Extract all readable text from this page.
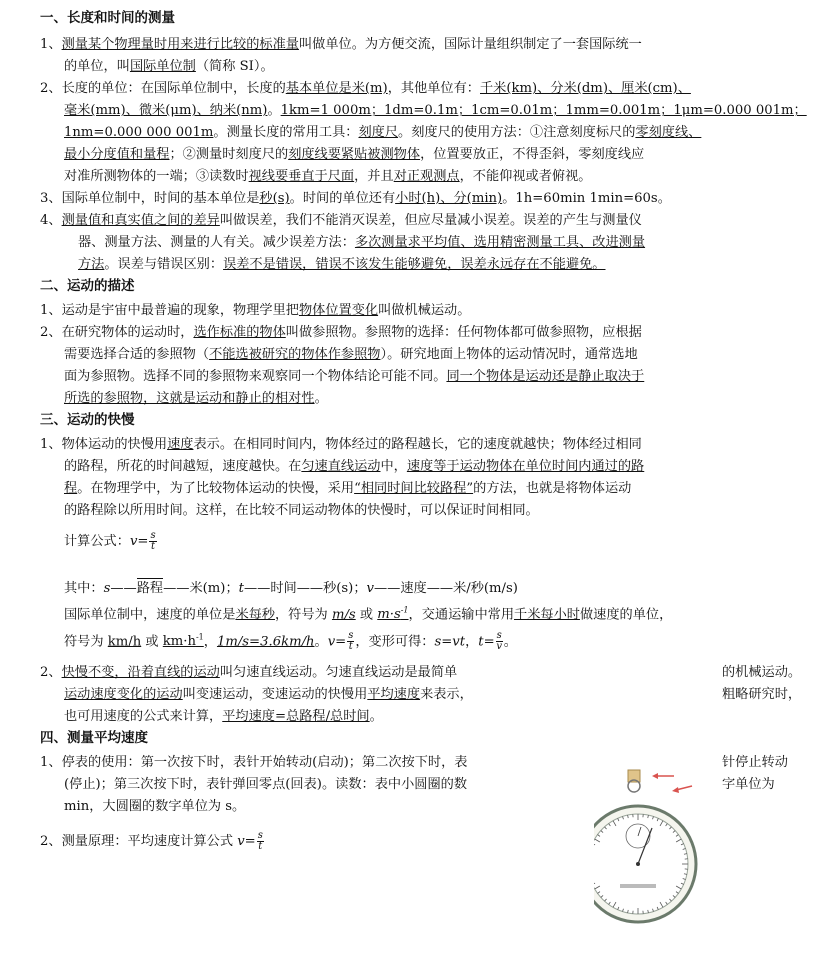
一、长度和时间的测量
1、测量某个物理量时用来进行比较的标准量叫做单位。为方便交流，国际计量组织制定了一套国际统一
的单位，叫国际单位制（简称 SI）。
2、长度的单位：在国际单位制中，长度的基本单位是米(m)，其他单位有：千米(km)、分米(dm)、厘米(cm)、
毫米(mm)、微米(μm)、纳米(nm)。1km=1 000m；1dm=0.1m；1cm=0.01m；1mm=0.001m；1μm=0.000 001m；
1nm=0.000 000 001m。测量长度的常用工具：刻度尺。刻度尺的使用方法：①注意刻度标尺的零刻度线、
最小分度值和量程；②测量时刻度尺的刻度线要紧贴被测物体，位置要放正，不得歪斜，零刻度线应
对准所测物体的一端；③读数时视线要垂直于尺面，并且对正观测点，不能仰视或者俯视。
3、国际单位制中，时间的基本单位是秒(s)。时间的单位还有小时(h)、分(min)。1h=60min 1min=60s。
4、测量值和真实值之间的差异叫做误差，我们不能消灭误差，但应尽量减小误差。误差的产生与测量仪
器、测量方法、测量的人有关。减少误差方法：多次测量求平均值、选用精密测量工具、改进测量
方法。误差与错误区别：误差不是错误，错误不该发生能够避免，误差永远存在不能避免。
二、运动的描述
1、运动是宇宙中最普遍的现象，物理学里把物体位置变化叫做机械运动。
2、在研究物体的运动时，选作标准的物体叫做参照物。参照物的选择：任何物体都可做参照物，应根据
需要选择合适的参照物（不能选被研究的物体作参照物）。研究地面上物体的运动情况时，通常选地
面为参照物。选择不同的参照物来观察同一个物体结论可能不同。同一个物体是运动还是静止取决于
所选的参照物，这就是运动和静止的相对性。
三、运动的快慢
1、物体运动的快慢用速度表示。在相同时间内，物体经过的路程越长，它的速度就越快；物体经过相同
的路程，所花的时间越短，速度越快。在匀速直线运动中，速度等于运动物体在单位时间内通过的路
程。在物理学中，为了比较物体运动的快慢，采用“相同时间比较路程”的方法，也就是将物体运动
的路程除以所用时间。这样，在比较不同运动物体的快慢时，可以保证时间相同。
计算公式：$v= \frac{s}{t}$
其中：s——路程——米(m)；t——时间——秒(s)；v——速度——米/秒(m/s)
国际单位制中，速度的单位是米每秒，符号为 m/s 或 $m\cdot s^{-1}$，交通运输中常用千米每小时做速度的单位，
符号为 km/h 或 $km\cdot h^{-1}$，1m/s=3.6km/h。$v= \frac{s}{t}$ ，变形可得：s=vt，$t= \frac{s}{v}$ 。
2、快慢不变，沿着直线的运动叫匀速直线运动。匀速直线运动是最简单	的机械运动。
运动速度变化的运动叫变速运动，变速运动的快慢用平均速度来表示，	粗略研究时，
也可用速度的公式来计算，平均速度=总路程/总时间。
四、测量平均速度
1、停表的使用：第一次按下时，表针开始转动(启动)；第二次按下时，表	针停止转动
(停止)；第三次按下时，表针弹回零点(回表)。读数：表中小圆圈的数	字单位为
min，大圆圈的数字单位为 s。
2、测量原理：平均速度计算公式 $v= \frac{s}{t}$
